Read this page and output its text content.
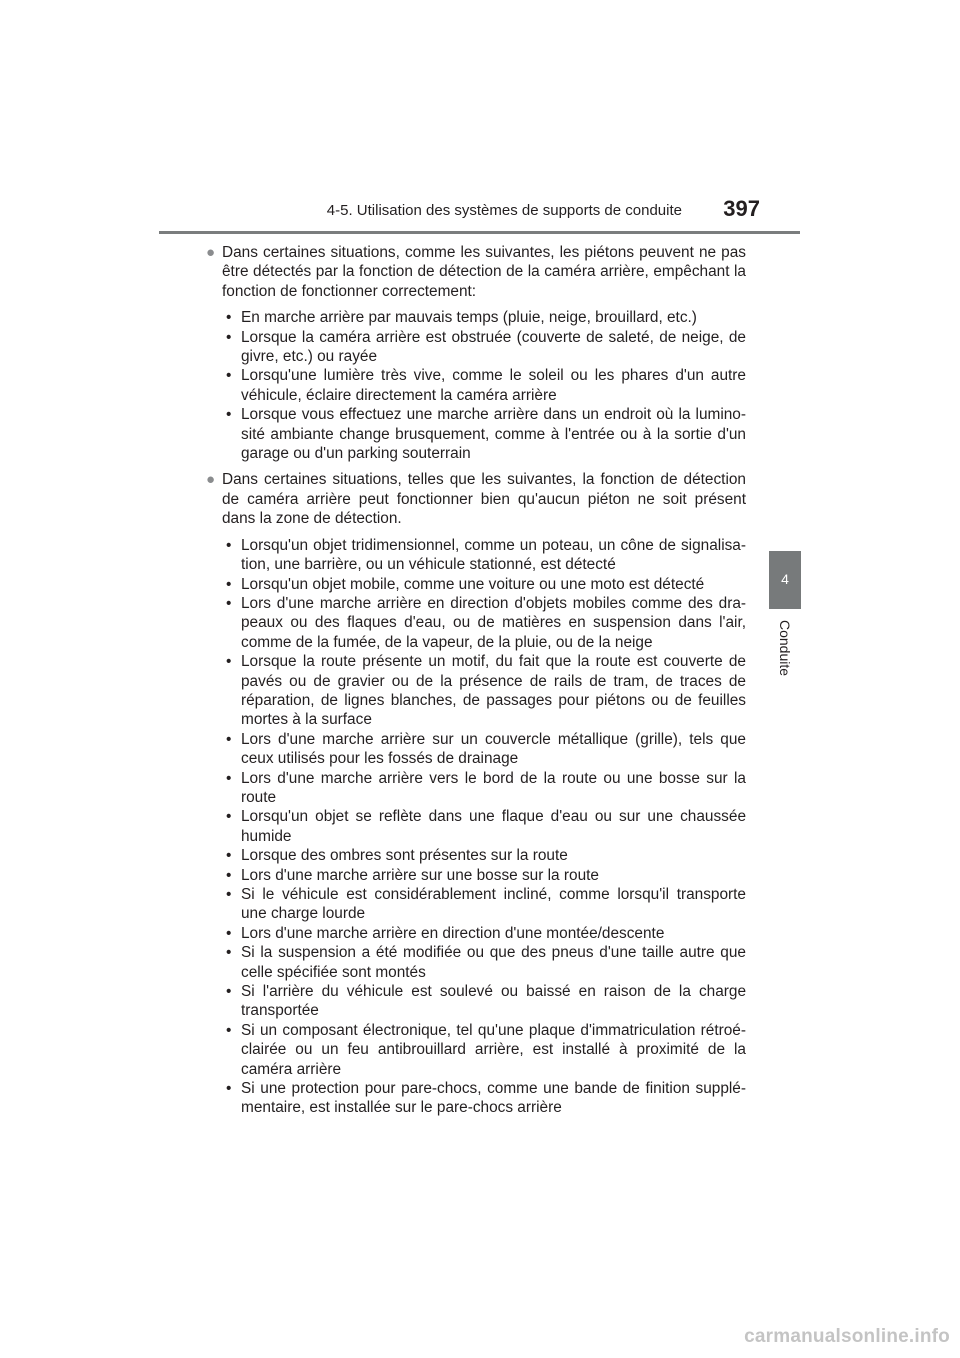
4-5. Utilisation des systèmes de supports de conduite	397
4
Conduite
● Dans certaines situations, comme les suivantes, les piétons peuvent ne pas être détectés par la fonction de détection de la caméra arrière, empêchant la fonction de fonctionner correctement:
• En marche arrière par mauvais temps (pluie, neige, brouillard, etc.)
• Lorsque la caméra arrière est obstruée (couverte de saleté, de neige, de givre, etc.) ou rayée
• Lorsqu'une lumière très vive, comme le soleil ou les phares d'un autre véhicule, éclaire directement la caméra arrière
• Lorsque vous effectuez une marche arrière dans un endroit où la lumino-sité ambiante change brusquement, comme à l'entrée ou à la sortie d'un garage ou d'un parking souterrain
● Dans certaines situations, telles que les suivantes, la fonction de détection de caméra arrière peut fonctionner bien qu'aucun piéton ne soit présent dans la zone de détection.
• Lorsqu'un objet tridimensionnel, comme un poteau, un cône de signalisa-tion, une barrière, ou un véhicule stationné, est détecté
• Lorsqu'un objet mobile, comme une voiture ou une moto est détecté
• Lors d'une marche arrière en direction d'objets mobiles comme des dra-peaux ou des flaques d'eau, ou de matières en suspension dans l'air, comme de la fumée, de la vapeur, de la pluie, ou de la neige
• Lorsque la route présente un motif, du fait que la route est couverte de pavés ou de gravier ou de la présence de rails de tram, de traces de réparation, de lignes blanches, de passages pour piétons ou de feuilles mortes à la surface
• Lors d'une marche arrière sur un couvercle métallique (grille), tels que ceux utilisés pour les fossés de drainage
• Lors d'une marche arrière vers le bord de la route ou une bosse sur la route
• Lorsqu'un objet se reflète dans une flaque d'eau ou sur une chaussée humide
• Lorsque des ombres sont présentes sur la route
• Lors d'une marche arrière sur une bosse sur la route
• Si le véhicule est considérablement incliné, comme lorsqu'il transporte une charge lourde
• Lors d'une marche arrière en direction d'une montée/descente
• Si la suspension a été modifiée ou que des pneus d'une taille autre que celle spécifiée sont montés
• Si l'arrière du véhicule est soulevé ou baissé en raison de la charge transportée
• Si un composant électronique, tel qu'une plaque d'immatriculation rétroé-clairée ou un feu antibrouillard arrière, est installé à proximité de la caméra arrière
• Si une protection pour pare-chocs, comme une bande de finition supplé-mentaire, est installée sur le pare-chocs arrière
carmanualsonline.info
